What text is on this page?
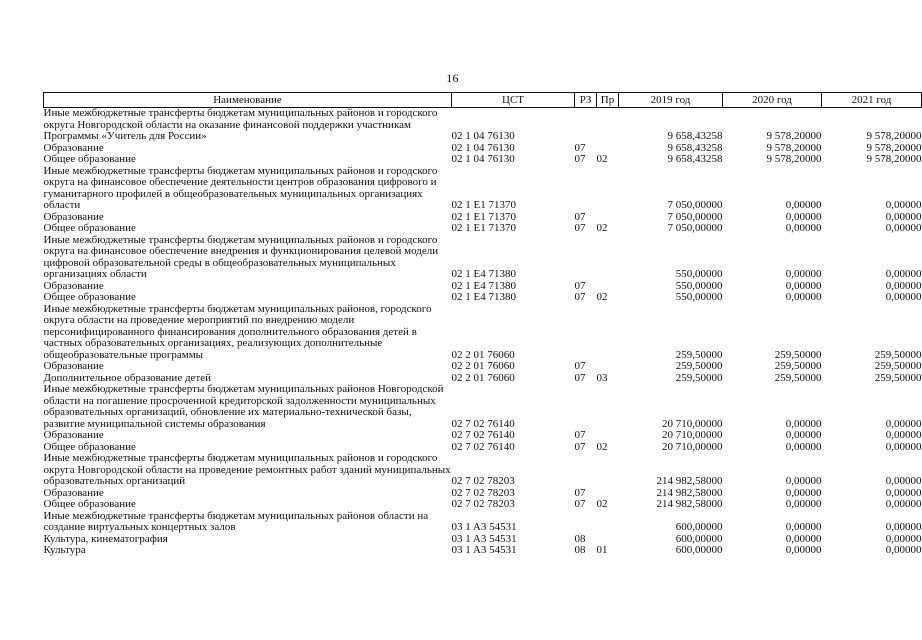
16
Наименование	ЦСТ	РЗ	Пр	2019 год	2020 год	2021 год
Иные межбюджетные трансферты бюджетам муниципальных районов и городского округа Новгородской области на оказание финансовой поддержки участникам Программы «Учитель для России»	02 1 04 76130			9 658,43258	9 578,20000	9 578,20000
Образование	02 1 04 76130	07		9 658,43258	9 578,20000	9 578,20000
Общее образование	02 1 04 76130	07	02	9 658,43258	9 578,20000	9 578,20000
Иные межбюджетные трансферты бюджетам муниципальных районов и городского округа на финансовое обеспечение деятельности центров образования цифрового и гуманитарного профилей в общеобразовательных муниципальных организациях области	02 1 E1 71370			7 050,00000	0,00000	0,00000
Образование	02 1 E1 71370	07		7 050,00000	0,00000	0,00000
Общее образование	02 1 E1 71370	07	02	7 050,00000	0,00000	0,00000
Иные межбюджетные трансферты бюджетам муниципальных районов и городского округа на финансовое обеспечение внедрения и функционирования целевой модели цифровой образовательной среды в общеобразовательных муниципальных организациях области	02 1 E4 71380			550,00000	0,00000	0,00000
Образование	02 1 E4 71380	07		550,00000	0,00000	0,00000
Общее образование	02 1 E4 71380	07	02	550,00000	0,00000	0,00000
Иные межбюджетные трансферты бюджетам муниципальных районов, городского округа области на проведение мероприятий по внедрению модели персонифицированного финансирования дополнительного образования детей в частных образовательных организациях, реализующих дополнительные общеобразовательные программы	02 2 01 76060			259,50000	259,50000	259,50000
Образование	02 2 01 76060	07		259,50000	259,50000	259,50000
Дополнительное образование детей	02 2 01 76060	07	03	259,50000	259,50000	259,50000
Иные межбюджетные трансферты бюджетам муниципальных районов Новгородской области на погашение просроченной кредиторской задолженности муниципальных образовательных организаций, обновление их материально-технической базы, развитие муниципальной системы образования	02 7 02 76140			20 710,00000	0,00000	0,00000
Образование	02 7 02 76140	07		20 710,00000	0,00000	0,00000
Общее образование	02 7 02 76140	07	02	20 710,00000	0,00000	0,00000
Иные межбюджетные трансферты бюджетам муниципальных районов и городского округа Новгородской области на проведение ремонтных работ зданий муниципальных образовательных организаций	02 7 02 78203			214 982,58000	0,00000	0,00000
Образование	02 7 02 78203	07		214 982,58000	0,00000	0,00000
Общее образование	02 7 02 78203	07	02	214 982,58000	0,00000	0,00000
Иные межбюджетные трансферты бюджетам муниципальных районов области на создание виртуальных концертных залов	03 1 A3 54531			600,00000	0,00000	0,00000
Культура, кинематография	03 1 A3 54531	08		600,00000	0,00000	0,00000
Культура	03 1 A3 54531	08	01	600,00000	0,00000	0,00000
